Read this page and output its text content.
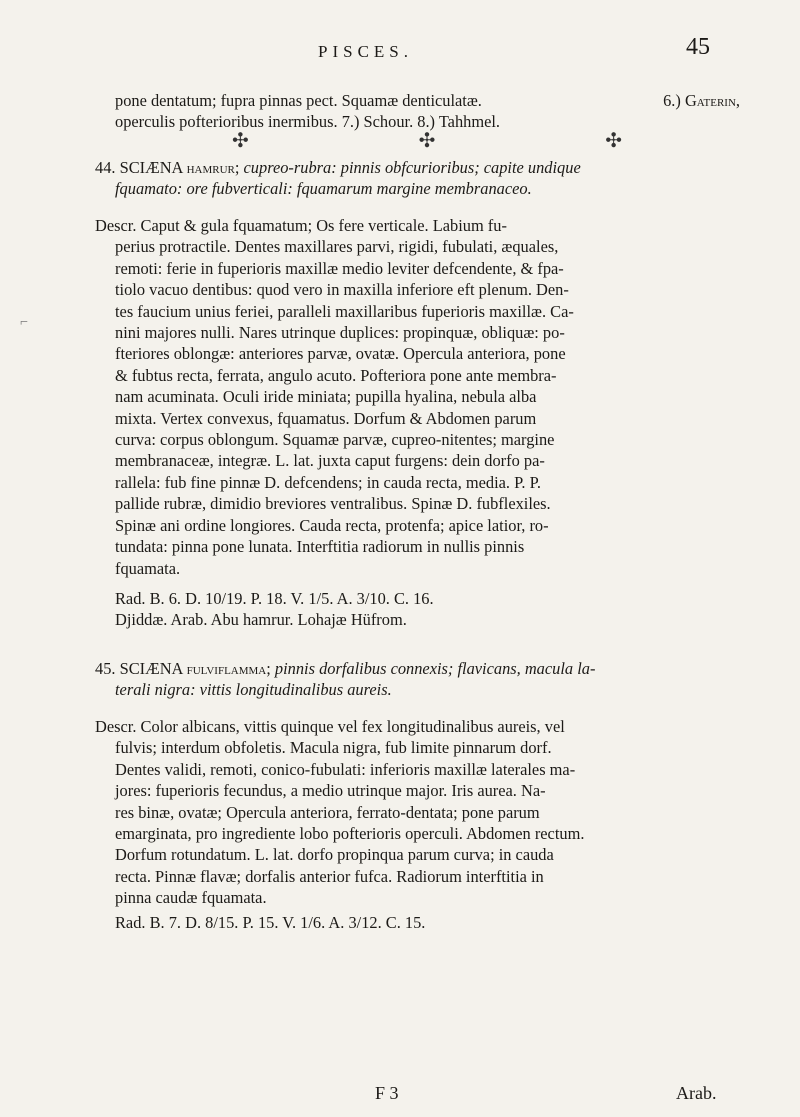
PISCES.	45
pone dentatum; fupra pinnas pect. Squamæ denticulatæ.	6.) Gaterin,
operculis pofterioribus inermibus. 7.) Schour. 8.) Tahhmel.
✣	✣	✣
44. SCIÆNA hamrur; cupreo-rubra: pinnis obfcurioribus; capite undique
fquamato: ore fubverticali: fquamarum margine membranaceo.
Descr. Caput & gula fquamatum; Os fere verticale. Labium fu-
perius protractile. Dentes maxillares parvi, rigidi, fubulati, æquales,
remoti: ferie in fuperioris maxillæ medio leviter defcendente, & fpa-
tiolo vacuo dentibus: quod vero in maxilla inferiore eft plenum. Den-
tes faucium unius feriei, paralleli maxillaribus fuperioris maxillæ. Ca-
nini majores nulli. Nares utrinque duplices: propinquæ, obliquæ: po-
fteriores oblongæ: anteriores parvæ, ovatæ. Opercula anteriora, pone
& fubtus recta, ferrata, angulo acuto. Pofteriora pone ante membra-
nam acuminata. Oculi iride miniata; pupilla hyalina, nebula alba
mixta. Vertex convexus, fquamatus. Dorfum & Abdomen parum
curva: corpus oblongum. Squamæ parvæ, cupreo-nitentes; margine
membranaceæ, integræ. L. lat. juxta caput furgens: dein dorfo pa-
rallela: fub fine pinnæ D. defcendens; in cauda recta, media. P. P.
pallide rubræ, dimidio breviores ventralibus. Spinæ D. fubflexiles.
Spinæ ani ordine longiores. Cauda recta, protenfa; apice latior, ro-
tundata: pinna pone lunata. Interftitia radiorum in nullis pinnis
fquamata.
Rad. B. 6. D. 10/19. P. 18. V. 1/5. A. 3/10. C. 16.
Djiddæ. Arab. Abu hamrur. Lohajæ Hüfrom.
⌐
45. SCIÆNA fulviflamma; pinnis dorfalibus connexis; flavicans, macula la-
terali nigra: vittis longitudinalibus aureis.
Descr. Color albicans, vittis quinque vel fex longitudinalibus aureis, vel
fulvis; interdum obfoletis. Macula nigra, fub limite pinnarum dorf.
Dentes validi, remoti, conico-fubulati: inferioris maxillæ laterales ma-
jores: fuperioris fecundus, a medio utrinque major. Iris aurea. Na-
res binæ, ovatæ; Opercula anteriora, ferrato-dentata; pone parum
emarginata, pro ingrediente lobo pofterioris operculi. Abdomen rectum.
Dorfum rotundatum. L. lat. dorfo propinqua parum curva; in cauda
recta. Pinnæ flavæ; dorfalis anterior fufca. Radiorum interftitia in
pinna caudæ fquamata.
Rad. B. 7. D. 8/15. P. 15. V. 1/6. A. 3/12. C. 15.
F 3	Arab.
